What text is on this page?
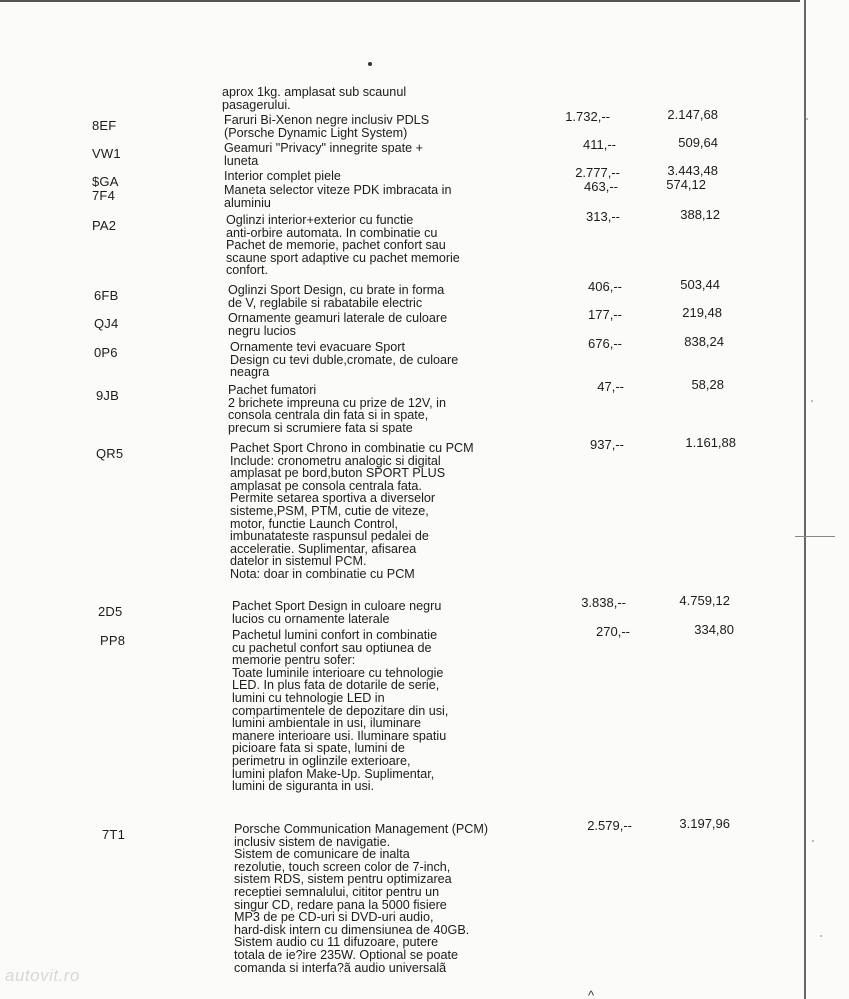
aprox 1kg. amplasat sub scaunul
pasagerului.
8EF	Faruri Bi-Xenon negre inclusiv PDLS
(Porsche Dynamic Light System)
1.732,--	2.147,68
VW1	Geamuri "Privacy" innegrite spate +
luneta
411,--	509,64
$GA	Interior complet piele	2.777,--	3.443,48
7F4	Maneta selector viteze PDK imbracata in
aluminiu
463,--	574,12
PA2	Oglinzi interior+exterior cu functie
anti-orbire automata. In combinatie cu
Pachet de memorie, pachet confort sau
scaune sport adaptive cu pachet memorie
confort.
313,--	388,12
6FB	Oglinzi Sport Design, cu brate in forma
de V, reglabile si rabatabile electric
406,--	503,44
QJ4	Ornamente geamuri laterale de culoare
negru lucios
177,--	219,48
0P6	Ornamente tevi evacuare Sport
Design cu tevi duble,cromate, de culoare
neagra
676,--	838,24
9JB	Pachet fumatori
2 brichete impreuna cu prize de 12V, in
consola centrala din fata si in spate,
precum si scrumiere fata si spate
47,--	58,28
QR5	Pachet Sport Chrono in combinatie cu PCM
Include: cronometru analogic si digital
amplasat pe bord,buton SPORT PLUS
amplasat pe consola centrala fata.
Permite setarea sportiva a diverselor
sisteme,PSM, PTM, cutie de viteze,
motor, functie Launch Control,
imbunatateste raspunsul pedalei de
acceleratie. Suplimentar, afisarea
datelor in sistemul PCM.
Nota: doar in combinatie cu PCM
937,--	1.161,88
2D5	Pachet Sport Design in culoare negru
lucios cu ornamente laterale
3.838,--	4.759,12
PP8	Pachetul lumini confort in combinatie
cu pachetul confort sau optiunea de
memorie pentru sofer:
Toate luminile interioare cu tehnologie
LED. In plus fata de dotarile de serie,
lumini cu tehnologie LED in
compartimentele de depozitare din usi,
lumini ambientale in usi, iluminare
manere interioare usi. Iluminare spatiu
picioare fata si spate, lumini de
perimetru in oglinzile exterioare,
lumini plafon Make-Up. Suplimentar,
lumini de siguranta in usi.
270,--	334,80
7T1	Porsche Communication Management (PCM)
inclusiv sistem de navigatie.
Sistem de comunicare de inalta
rezolutie, touch screen color de 7-inch,
sistem RDS, sistem pentru optimizarea
receptiei semnalului, cititor pentru un
singur CD, redare pana la 5000 fisiere
MP3 de pe CD-uri si DVD-uri audio,
hard-disk intern cu dimensiunea de 40GB.
Sistem audio cu 11 difuzoare, putere
totala de ie?ire 235W. Optional se poate
comanda si interfa?ã audio universalã
2.579,--	3.197,96
autovit.ro
^
